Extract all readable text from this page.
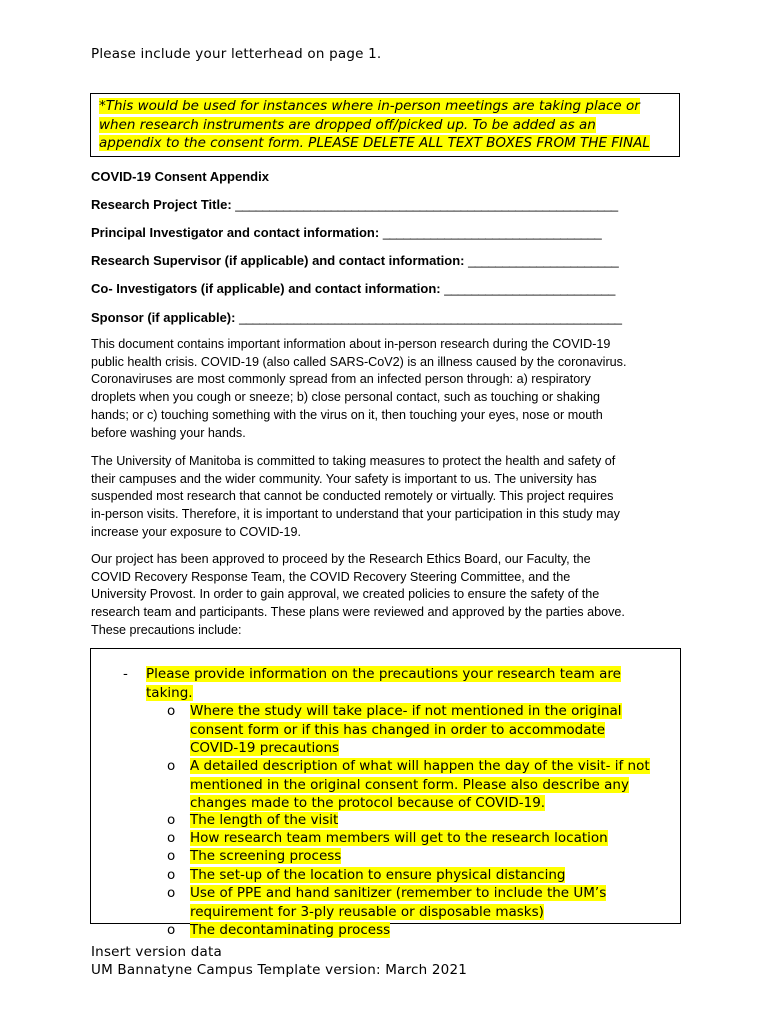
Please include your letterhead on page 1.

*This would be used for instances where in-person meetings are taking place or

when research instruments are dropped off/picked up. To be added as an

appendix to the consent form. PLEASE DELETE ALL TEXT BOXES FROM THE FINAL

COVID-19 Consent Appendix
Research Project Title: ________________________________________________________
Principal Investigator and contact information: ________________________________
Research Supervisor (if applicable) and contact information: ______________________
Co- Investigators (if applicable) and contact information: _________________________
Sponsor (if applicable): ________________________________________________________
This document contains important information about in-person research during the COVID-19
public health crisis. COVID-19 (also called SARS-CoV2) is an illness caused by the coronavirus.
Coronaviruses are most commonly spread from an infected person through: a) respiratory
droplets when you cough or sneeze; b) close personal contact, such as touching or shaking
hands; or c) touching something with the virus on it, then touching your eyes, nose or mouth
before washing your hands.
The University of Manitoba is committed to taking measures to protect the health and safety of
their campuses and the wider community. Your safety is important to us. The university has
suspended most research that cannot be conducted remotely or virtually. This project requires
in-person visits. Therefore, it is important to understand that your participation in this study may
increase your exposure to COVID-19.
Our project has been approved to proceed by the Research Ethics Board, our Faculty, the
COVID Recovery Response Team, the COVID Recovery Steering Committee, and the
University Provost. In order to gain approval, we created policies to ensure the safety of the
research team and participants. These plans were reviewed and approved by the parties above.
These precautions include:
- Please provide information on the precautions your research team are
taking.
o Where the study will take place- if not mentioned in the original
consent form or if this has changed in order to accommodate
COVID-19 precautions
o A detailed description of what will happen the day of the visit- if not
mentioned in the original consent form. Please also describe any
changes made to the protocol because of COVID-19.
o The length of the visit
o How research team members will get to the research location
o The screening process
o The set-up of the location to ensure physical distancing
o Use of PPE and hand sanitizer (remember to include the UM’s
requirement for 3-ply reusable or disposable masks)
o The decontaminating process
Insert version data
UM Bannatyne Campus Template version: March 2021
